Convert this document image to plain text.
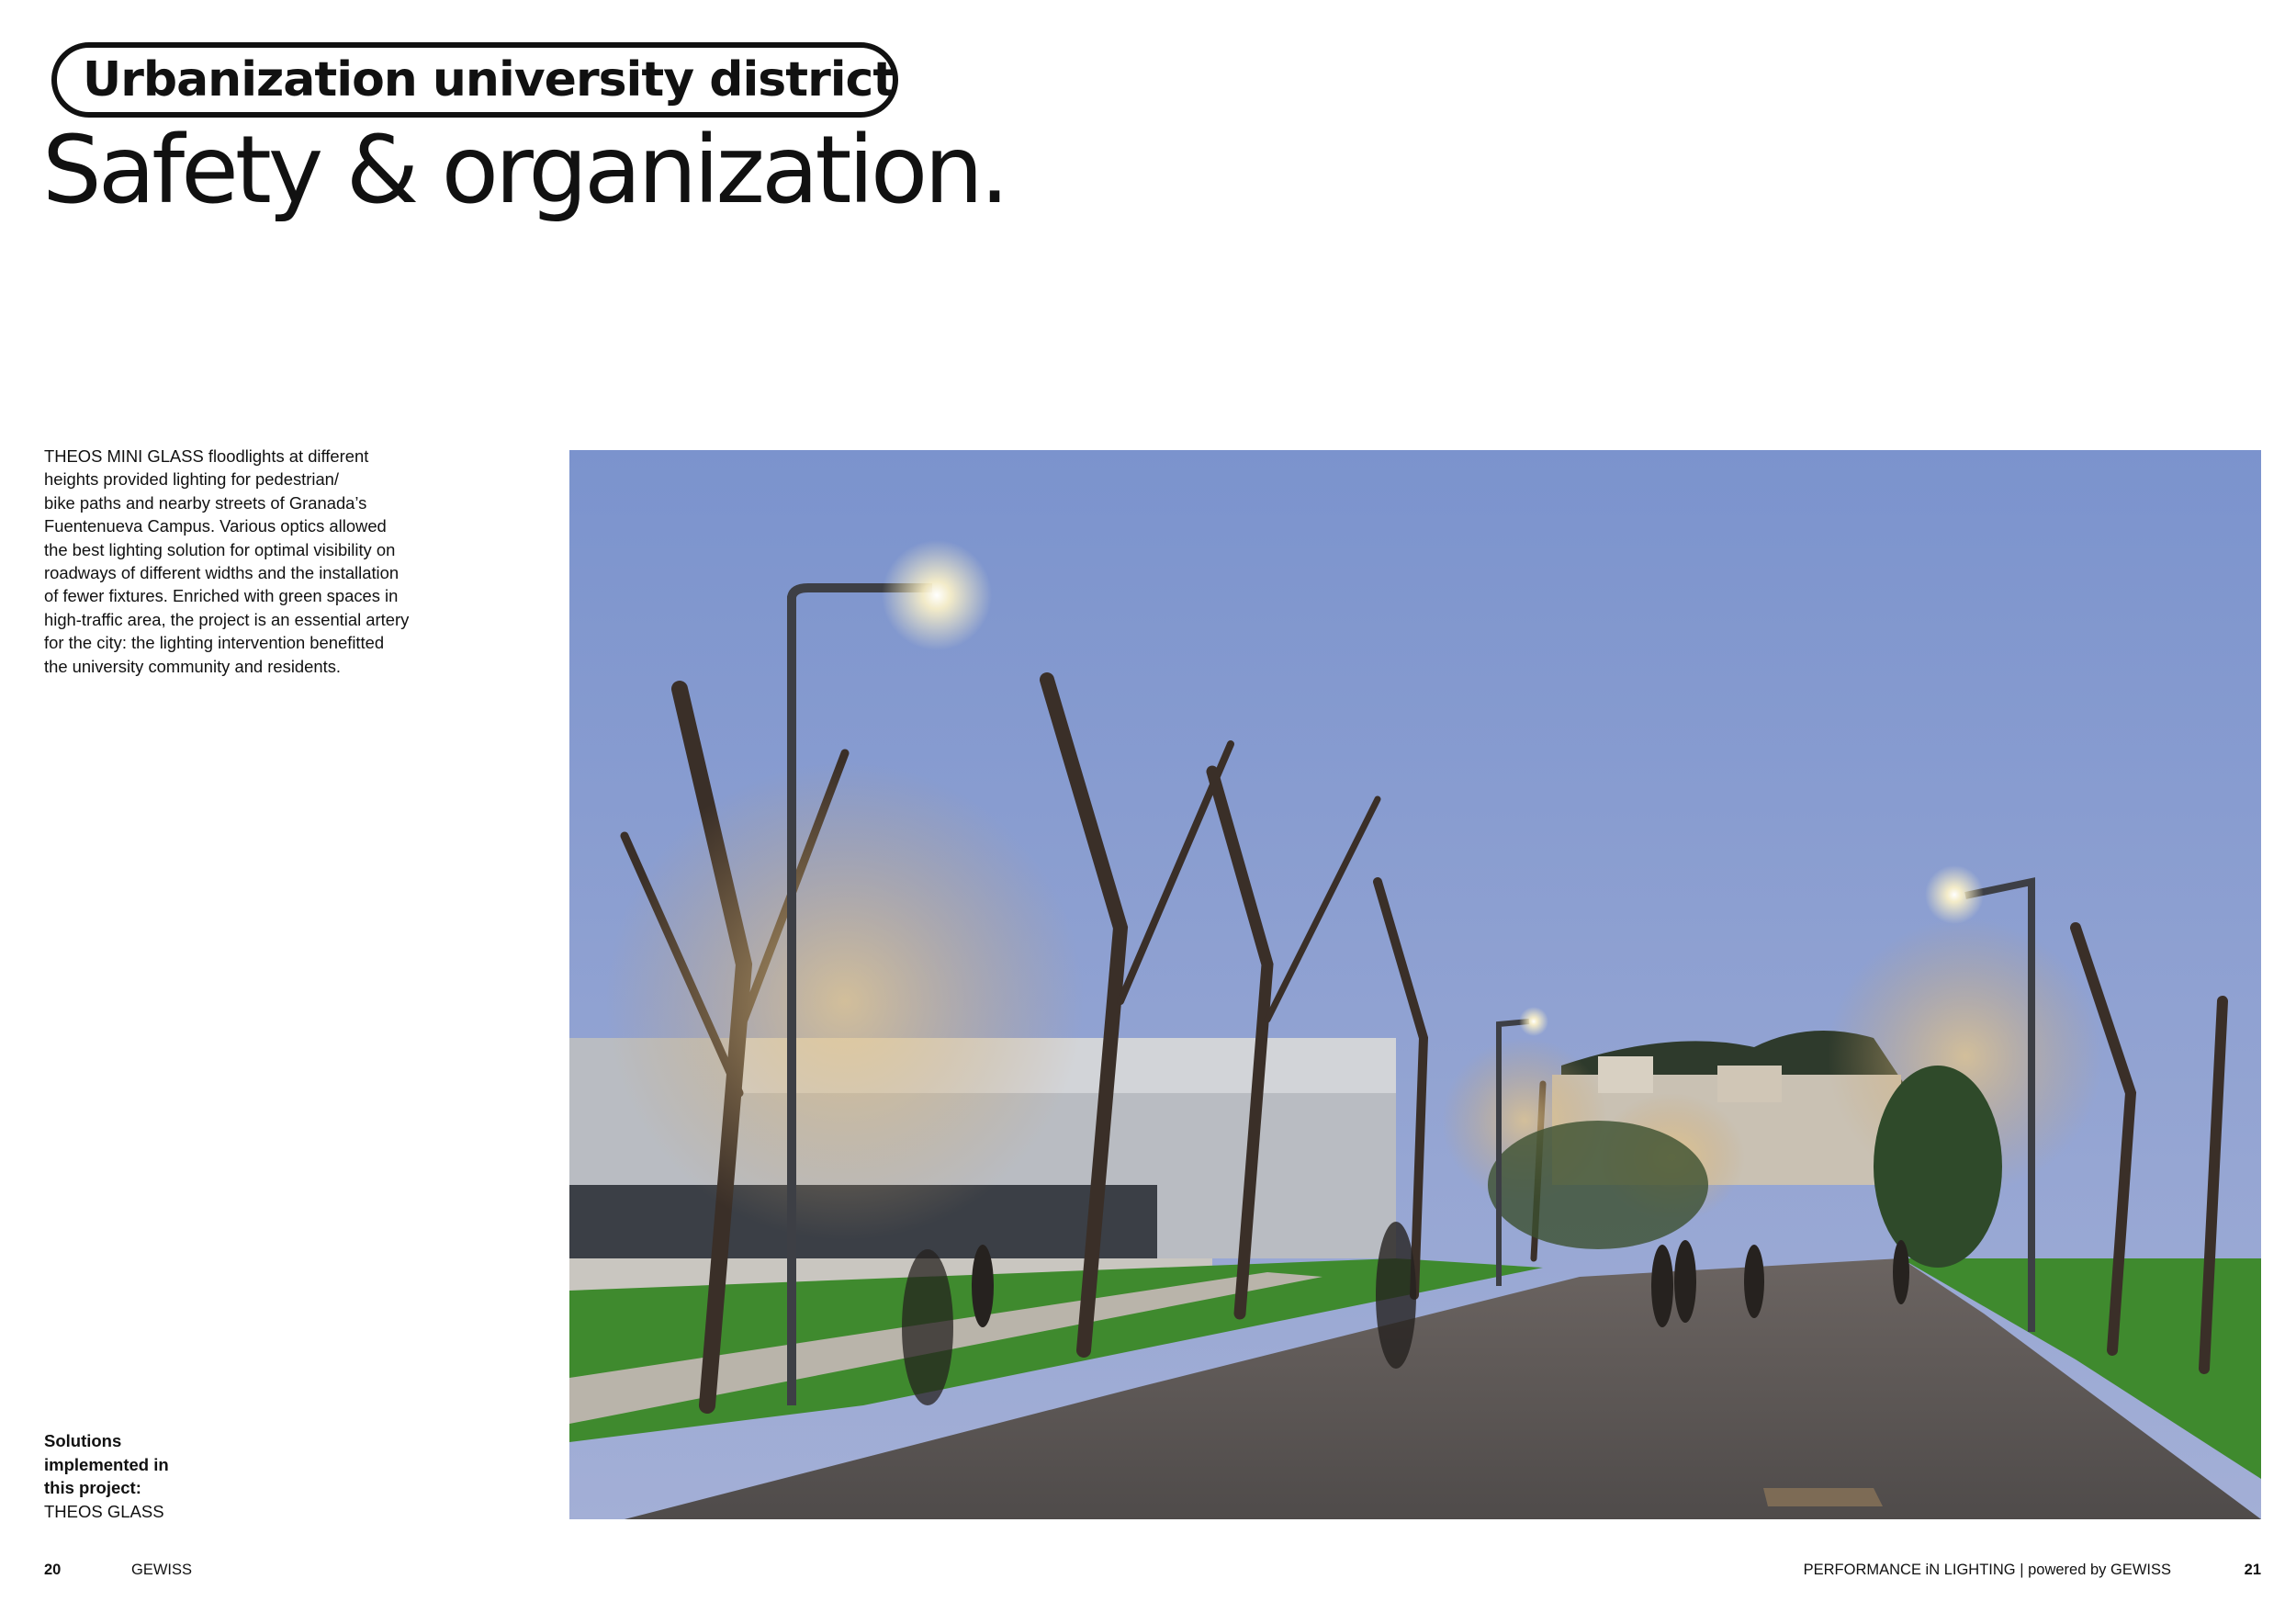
Urbanization university district
Safety & organization.
THEOS MINI GLASS floodlights at different
heights provided lighting for pedestrian/
bike paths and nearby streets of Granada’s
Fuentenueva Campus. Various optics allowed
the best lighting solution for optimal visibility on
roadways of different widths and the installation
of fewer fixtures. Enriched with green spaces in
high-traffic area, the project is an essential artery
for the city: the lighting intervention benefitted
the university community and residents.
Solutions
implemented in
this project:
THEOS GLASS
20	GEWISS	PERFORMANCE iN LIGHTING | powered by GEWISS	21
